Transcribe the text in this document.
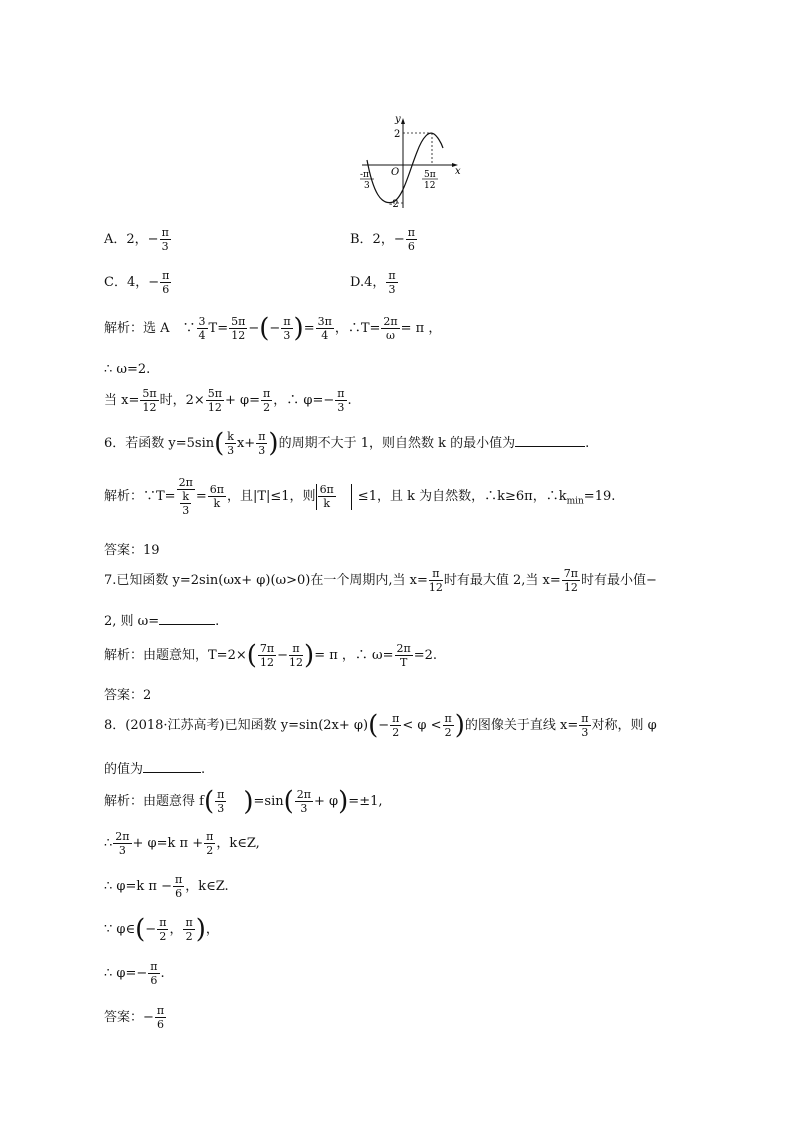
y
x
2
-2
O
-π
3
5π
12
A．2，− $\frac{\pi}{3}$	B．2，− $\frac{\pi}{6}$
C．4，− $\frac{\pi}{6}$	D.4， $\frac{\pi}{3}$
解析：选 A　∵ $\frac{3}{4} T= \frac{5\pi}{12}$ −(− $\frac{\pi}{3}$ )= $\frac{3\pi}{4}$ ，∴T= $\frac{2\pi}{\omega} = \pi$ ，
∴ ω=2.
当 $x= \frac{5\pi}{12}$ 时，$2\times \frac{5\pi}{12} + \varphi= \frac{\pi}{2}$ ，∴ $\varphi=- \frac{\pi}{3}$ .
6．若函数 $y=5\sin( \frac{k}{3} x+ \frac{\pi}{3}$ )的周期不大于 1，则自然数 k 的最小值为	.
解析：∵T= $\frac{2\pi}{\frac{k}{3}} = \frac{6\pi}{k}$ ，且|T|≤1，则 $\frac{6\pi}{k} \le 1$，且 k 为自然数，∴k≥6π，$\therefore k_{min}=19$.
答案：19
7.已知函数 y=2sin(ωx+ φ)(ω>0)在一个周期内,当 $x= \frac{\pi}{12}$ 时有最大值 2,当 $x= \frac{7\pi}{12}$ 时有最小值−
2, 则 ω=	.
解析：由题意知，$T=2\times( \frac{7\pi}{12} - \frac{\pi}{12}$ )= π ，∴ $\omega= \frac{2\pi}{T} =2$.
答案：2
8．(2018·江苏高考)已知函数 $y=\sin(2x+ \varphi)(- \frac{\pi}{2} < \varphi < \frac{\pi}{2}$ )的图像关于直线 $x= \frac{\pi}{3}$ 对称，则 φ
的值为	.
解析：由题意得 $f( \frac{\pi}{3} )=\sin( \frac{2\pi}{3} + \varphi)=\pm 1$,
∴ $\frac{2\pi}{3} + \varphi=k$ $\pi + \frac{\pi}{2}$ ，k∈Z,
∴ φ=k $\pi - \frac{\pi}{6}$ ，k∈Z.
∵ φ∈(− $\frac{\pi}{2}$ ， $\frac{\pi}{2}$ )，
∴ $\varphi=- \frac{\pi}{6}$ .
答案：− $\frac{\pi}{6}$
